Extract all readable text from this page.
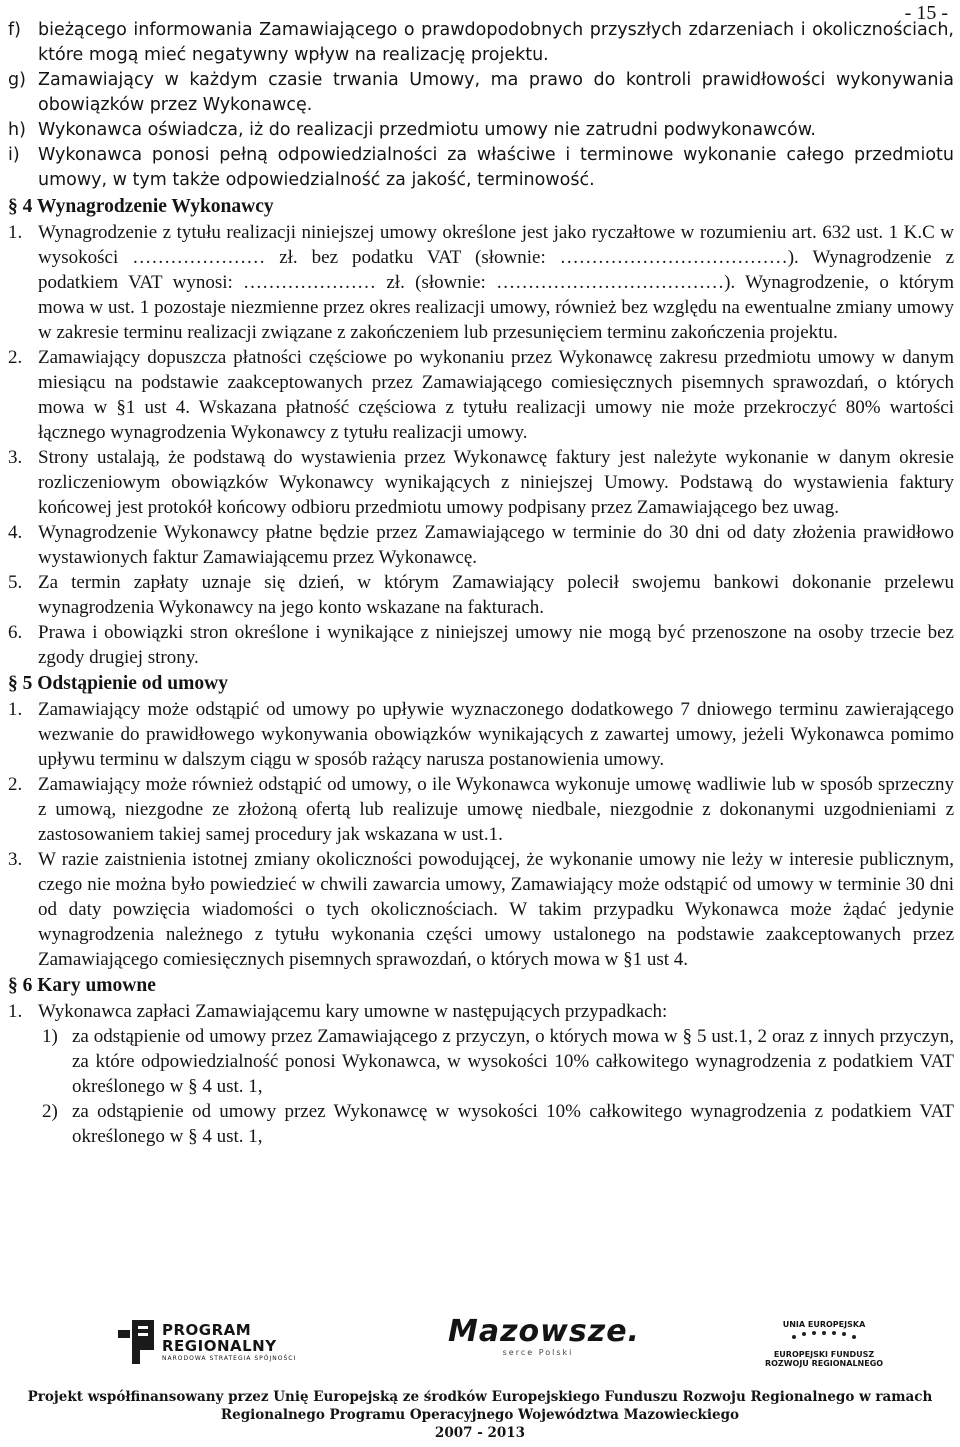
- 15 -
f) bieżącego informowania Zamawiającego o prawdopodobnych przyszłych zdarzeniach i okolicznościach, które mogą mieć negatywny wpływ na realizację projektu.
g) Zamawiający w każdym czasie trwania Umowy, ma prawo do kontroli prawidłowości wykonywania obowiązków przez Wykonawcę.
h) Wykonawca oświadcza, iż do realizacji przedmiotu umowy nie zatrudni podwykonawców.
i) Wykonawca ponosi pełną odpowiedzialności za właściwe i terminowe wykonanie całego przedmiotu umowy, w tym także odpowiedzialność za jakość, terminowość.
§ 4 Wynagrodzenie Wykonawcy
1. Wynagrodzenie z tytułu realizacji niniejszej umowy określone jest jako ryczałtowe w rozumieniu art. 632 ust. 1 K.C w wysokości ………………… zł. bez podatku VAT (słownie: ………………………………). Wynagrodzenie z podatkiem VAT wynosi: ………………… zł. (słownie: ………………………………). Wynagrodzenie, o którym mowa w ust. 1 pozostaje niezmienne przez okres realizacji umowy, również bez względu na ewentualne zmiany umowy w zakresie terminu realizacji związane z zakończeniem lub przesunięciem terminu zakończenia projektu.
2. Zamawiający dopuszcza płatności częściowe po wykonaniu przez Wykonawcę zakresu przedmiotu umowy w danym miesiącu na podstawie zaakceptowanych przez Zamawiającego comiesięcznych pisemnych sprawozdań, o których mowa w §1 ust 4. Wskazana płatność częściowa z tytułu realizacji umowy nie może przekroczyć 80% wartości łącznego wynagrodzenia Wykonawcy z tytułu realizacji umowy.
3. Strony ustalają, że podstawą do wystawienia przez Wykonawcę faktury jest należyte wykonanie w danym okresie rozliczeniowym obowiązków Wykonawcy wynikających z niniejszej Umowy. Podstawą do wystawienia faktury końcowej jest protokół końcowy odbioru przedmiotu umowy podpisany przez Zamawiającego bez uwag.
4. Wynagrodzenie Wykonawcy płatne będzie przez Zamawiającego w terminie do 30 dni od daty złożenia prawidłowo wystawionych faktur Zamawiającemu przez Wykonawcę.
5. Za termin zapłaty uznaje się dzień, w którym Zamawiający polecił swojemu bankowi dokonanie przelewu wynagrodzenia Wykonawcy na jego konto wskazane na fakturach.
6. Prawa i obowiązki stron określone i wynikające z niniejszej umowy nie mogą być przenoszone na osoby trzecie bez zgody drugiej strony.
§ 5 Odstąpienie od umowy
1. Zamawiający może odstąpić od umowy po upływie wyznaczonego dodatkowego 7 dniowego terminu zawierającego wezwanie do prawidłowego wykonywania obowiązków wynikających z zawartej umowy, jeżeli Wykonawca pomimo upływu terminu w dalszym ciągu w sposób rażący narusza postanowienia umowy.
2. Zamawiający może również odstąpić od umowy, o ile Wykonawca wykonuje umowę wadliwie lub w sposób sprzeczny z umową, niezgodne ze złożoną ofertą lub realizuje umowę niedbale, niezgodnie z dokonanymi uzgodnieniami z zastosowaniem takiej samej procedury jak wskazana w ust.1.
3. W razie zaistnienia istotnej zmiany okoliczności powodującej, że wykonanie umowy nie leży w interesie publicznym, czego nie można było powiedzieć w chwili zawarcia umowy, Zamawiający może odstąpić od umowy w terminie 30 dni od daty powzięcia wiadomości o tych okolicznościach. W takim przypadku Wykonawca może żądać jedynie wynagrodzenia należnego z tytułu wykonania części umowy ustalonego na podstawie zaakceptowanych przez Zamawiającego comiesięcznych pisemnych sprawozdań, o których mowa w §1 ust 4.
§ 6 Kary umowne
1. Wykonawca zapłaci Zamawiającemu kary umowne w następujących przypadkach:
1) za odstąpienie od umowy przez Zamawiającego z przyczyn, o których mowa w § 5 ust.1, 2 oraz z innych przyczyn, za które odpowiedzialność ponosi Wykonawca, w wysokości 10% całkowitego wynagrodzenia z podatkiem VAT określonego w § 4 ust. 1,
2) za odstąpienie od umowy przez Wykonawcę w wysokości 10% całkowitego wynagrodzenia z podatkiem VAT określonego w § 4 ust. 1,
PROGRAM
REGIONALNY
NARODOWA STRATEGIA SPÓJNOŚCI
Mazowsze.
serce Polski
UNIA EUROPEJSKA
EUROPEJSKI FUNDUSZ
ROZWOJU REGIONALNEGO
Projekt współfinansowany przez Unię Europejską ze środków Europejskiego Funduszu Rozwoju Regionalnego w ramach
Regionalnego Programu Operacyjnego Województwa Mazowieckiego
2007 - 2013
